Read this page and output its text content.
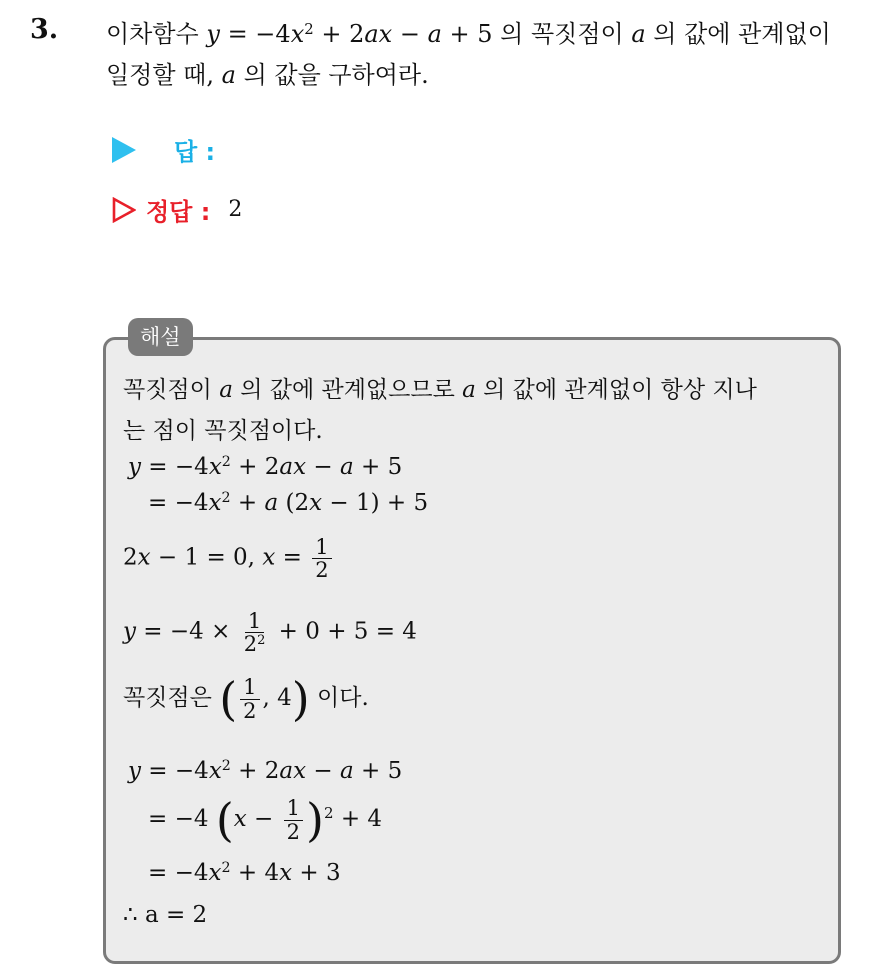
3. 이차함수 $y = -4x^2 + 2ax - a + 5$ 의 꼭짓점이 a 의 값에 관계없이
일정할 때, a 의 값을 구하여라.
답 :
정답 : 2
해설
꼭짓점이 a 의 값에 관계없으므로 a 의 값에 관계없이 항상 지나
는 점이 꼭짓점이다.
$y = -4x^2 + 2ax - a + 5$
= $-4x^2 + a$ (2x − 1) + 5
2x − 1 = 0, $x = \frac{1}{2}$
$y = -4 \times \frac{1}{2^2} + 0 + 5 = 4$
꼭짓점은 ( $\frac{1}{2}$ , 4) 이다.
$y = -4x^2 + 2ax - a + 5$
= −4 $(x - \frac{1}{2} )^2 + 4$
= $-4x^2 + 4x + 3$
∴ a = 2
